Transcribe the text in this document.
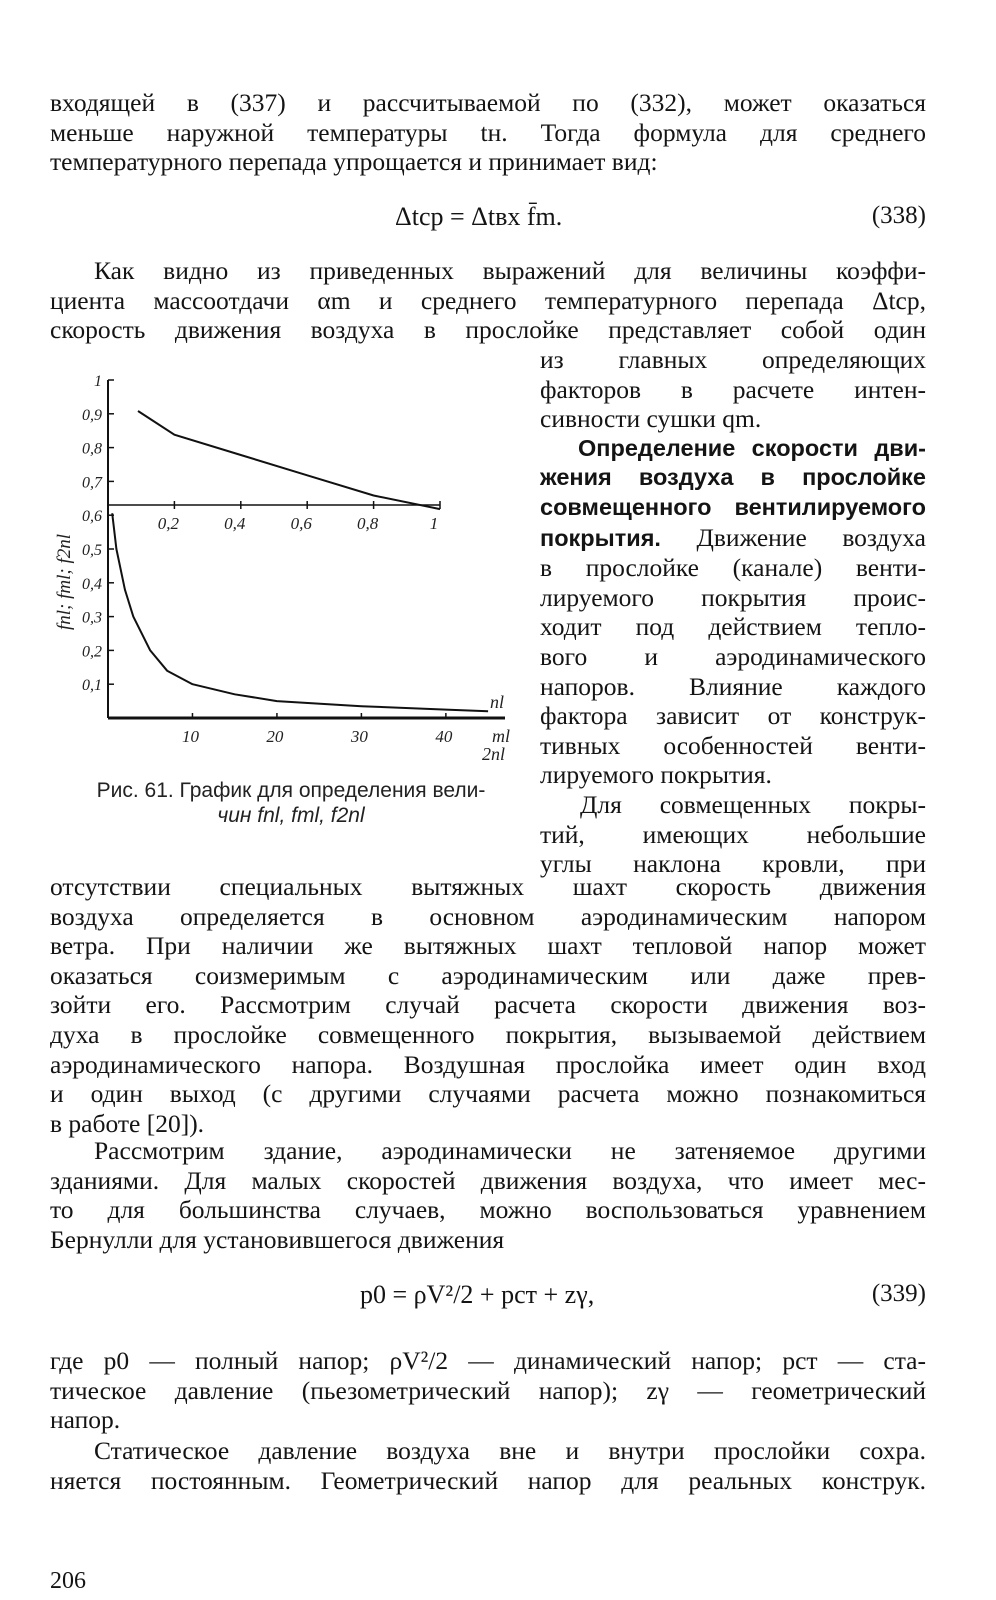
входящей в (337) и рассчитываемой по (332), может оказаться
меньше наружной температуры tн. Тогда формула для среднего
температурного перепада упрощается и принимает вид:
Δtср = Δtвх f̄m.	(338)
Как видно из приведенных выражений для величины коэффи-
циента массоотдачи αm и среднего температурного перепада Δtср,
скорость движения воздуха в прослойке представляет собой один
из главных определяющих
факторов в расчете интен-
сивности сушки qm.
Определение скорости дви-
жения воздуха в прослойке
совмещенного вентилируемого
покрытия. Движение воздуха
в прослойке (канале) венти-
лируемого покрытия проис-
ходит под действием тепло-
вого и аэродинамического
напоров. Влияние каждого
фактора зависит от конструк-
тивных особенностей венти-
лируемого покрытия.
Для совмещенных покры-
тий, имеющих небольшие
углы наклона кровли, при
0,1
0,2
0,3
0,4
0,5
0,6
0,7
0,8
0,9
1
0,2	0,4	0,6	0,8	1
10	20	30	40
fnl; fml; f2nl
nl
ml
2nl
Рис. 61. График для определения вели-
чин fnl, fml, f2nl
отсутствии специальных вытяжных шахт скорость движения
воздуха определяется в основном аэродинамическим напором
ветра. При наличии же вытяжных шахт тепловой напор может
оказаться соизмеримым с аэродинамическим или даже прев-
зойти его. Рассмотрим случай расчета скорости движения воз-
духа в прослойке совмещенного покрытия, вызываемой действием
аэродинамического напора. Воздушная прослойка имеет один вход
и один выход (с другими случаями расчета можно познакомиться
в работе [20]).
Рассмотрим здание, аэродинамически не затеняемое другими
зданиями. Для малых скоростей движения воздуха, что имеет мес-
то для большинства случаев, можно воспользоваться уравнением
Бернулли для установившегося движения
p0 = ρV²/2 + pст + zγ,	(339)
где p0 — полный напор; ρV²/2 — динамический напор; pст — ста-
тическое давление (пьезометрический напор); zγ — геометрический
напор.
Статическое давление воздуха вне и внутри прослойки сохра.
няется постоянным. Геометрический напор для реальных конструк.
206
